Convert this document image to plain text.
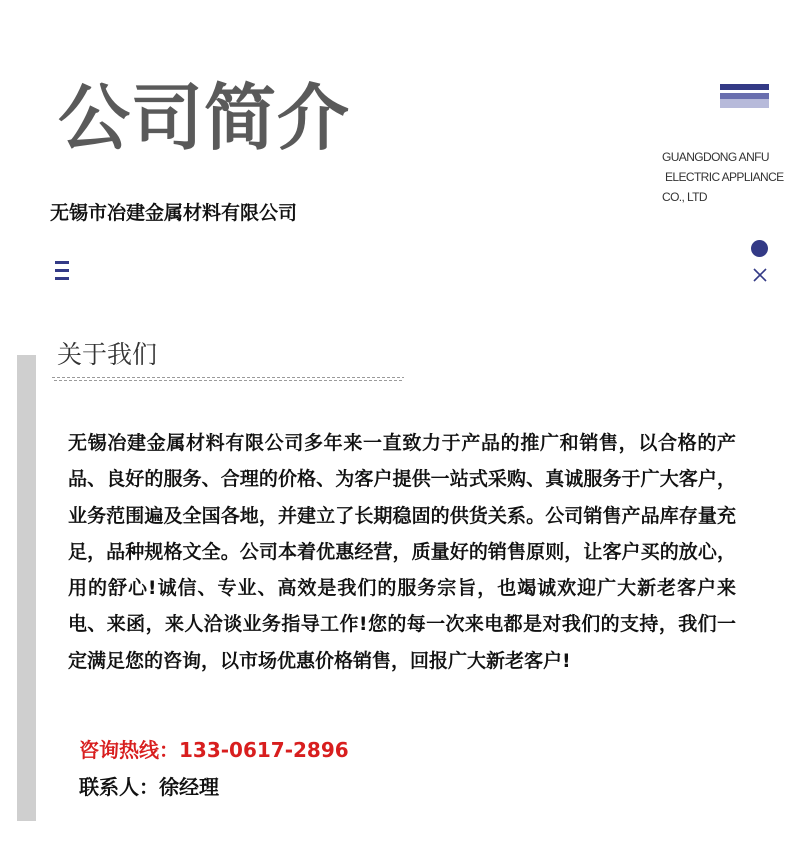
公司简介
无锡市冶建金属材料有限公司
GUANGDONG ANFU
ELECTRIC APPLIANCE
CO., LTD
关于我们

无锡冶建金属材料有限公司多年来一直致力于产品的推广和销售，以合格的产品、良好的服务、合理的价格、为客户提供一站式采购、真诚服务于广大客户，业务范围遍及全国各地，并建立了长期稳固的供货关系。公司销售产品库存量充足，品种规格文全。公司本着优惠经营，质量好的销售原则，让客户买的放心，用的舒心!诚信、专业、高效是我们的服务宗旨，也竭诚欢迎广大新老客户来电、来函，来人洽谈业务指导工作!您的每一次来电都是对我们的支持，我们一定满足您的咨询，以市场优惠价格销售，回报广大新老客户!

咨询热线：133-0617-2896

联系人：徐经理
